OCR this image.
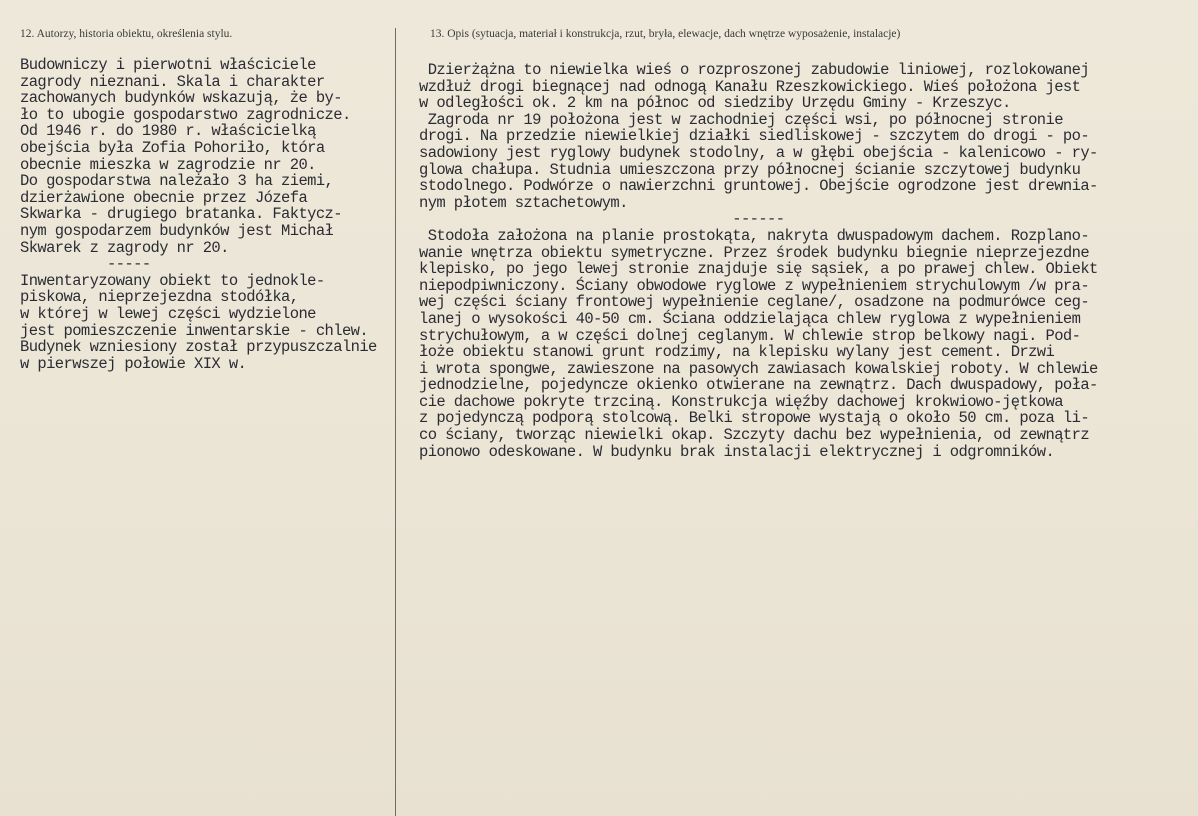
12. Autorzy, historia obiektu, określenia stylu.	13. Opis (sytuacja, materiał i konstrukcja, rzut, bryła, elewacje, dach wnętrze wyposażenie, instalacje)
Budowniczy i pierwotni właściciele
zagrody nieznani. Skala i charakter
zachowanych budynków wskazują, że by-
ło to ubogie gospodarstwo zagrodnicze.
Od 1946 r. do 1980 r. właścicielką
obejścia była Zofia Pohoriło, która
obecnie mieszka w zagrodzie nr 20.
Do gospodarstwa należało 3 ha ziemi,
dzierżawione obecnie przez Józefa
Skwarka - drugiego bratanka. Faktycz-
nym gospodarzem budynków jest Michał
Skwarek z zagrody nr 20.
-----
Inwentaryzowany obiekt to jednokle-
piskowa, nieprzejezdna stodółka,
w której w lewej części wydzielone
jest pomieszczenie inwentarskie - chlew.
Budynek wzniesiony został przypuszczalnie
w pierwszej połowie XIX w.
Dzierżążna to niewielka wieś o rozproszonej zabudowie liniowej, rozlokowanej
wzdłuż drogi biegnącej nad odnogą Kanału Rzeszkowickiego. Wieś położona jest
w odległości ok. 2 km na północ od siedziby Urzędu Gminy - Krzeszyc.
Zagroda nr 19 położona jest w zachodniej części wsi, po północnej stronie
drogi. Na przedzie niewielkiej działki siedliskowej - szczytem do drogi - po-
sadowiony jest ryglowy budynek stodolny, a w głębi obejścia - kalenicowo - ry-
glowa chałupa. Studnia umieszczona przy północnej ścianie szczytowej budynku
stodolnego. Podwórze o nawierzchni gruntowej. Obejście ogrodzone jest drewnia-
nym płotem sztachetowym.
------
Stodoła założona na planie prostokąta, nakryta dwuspadowym dachem. Rozplano-
wanie wnętrza obiektu symetryczne. Przez środek budynku biegnie nieprzejezdne
klepisko, po jego lewej stronie znajduje się sąsiek, a po prawej chlew. Obiekt
niepodpiwniczony. Ściany obwodowe ryglowe z wypełnieniem strychulowym /w pra-
wej części ściany frontowej wypełnienie ceglane/, osadzone na podmurówce ceg-
lanej o wysokości 40-50 cm. Ściana oddzielająca chlew ryglowa z wypełnieniem
strychułowym, a w części dolnej ceglanym. W chlewie strop belkowy nagi. Pod-
łoże obiektu stanowi grunt rodzimy, na klepisku wylany jest cement. Drzwi
i wrota spongwe, zawieszone na pasowych zawiasach kowalskiej roboty. W chlewie
jednodzielne, pojedyncze okienko otwierane na zewnątrz. Dach dwuspadowy, poła-
cie dachowe pokryte trzciną. Konstrukcja więźby dachowej krokwiowo-jętkowa
z pojedynczą podporą stolcową. Belki stropowe wystają o około 50 cm. poza li-
co ściany, tworząc niewielki okap. Szczyty dachu bez wypełnienia, od zewnątrz
pionowo odeskowane. W budynku brak instalacji elektrycznej i odgromników.
